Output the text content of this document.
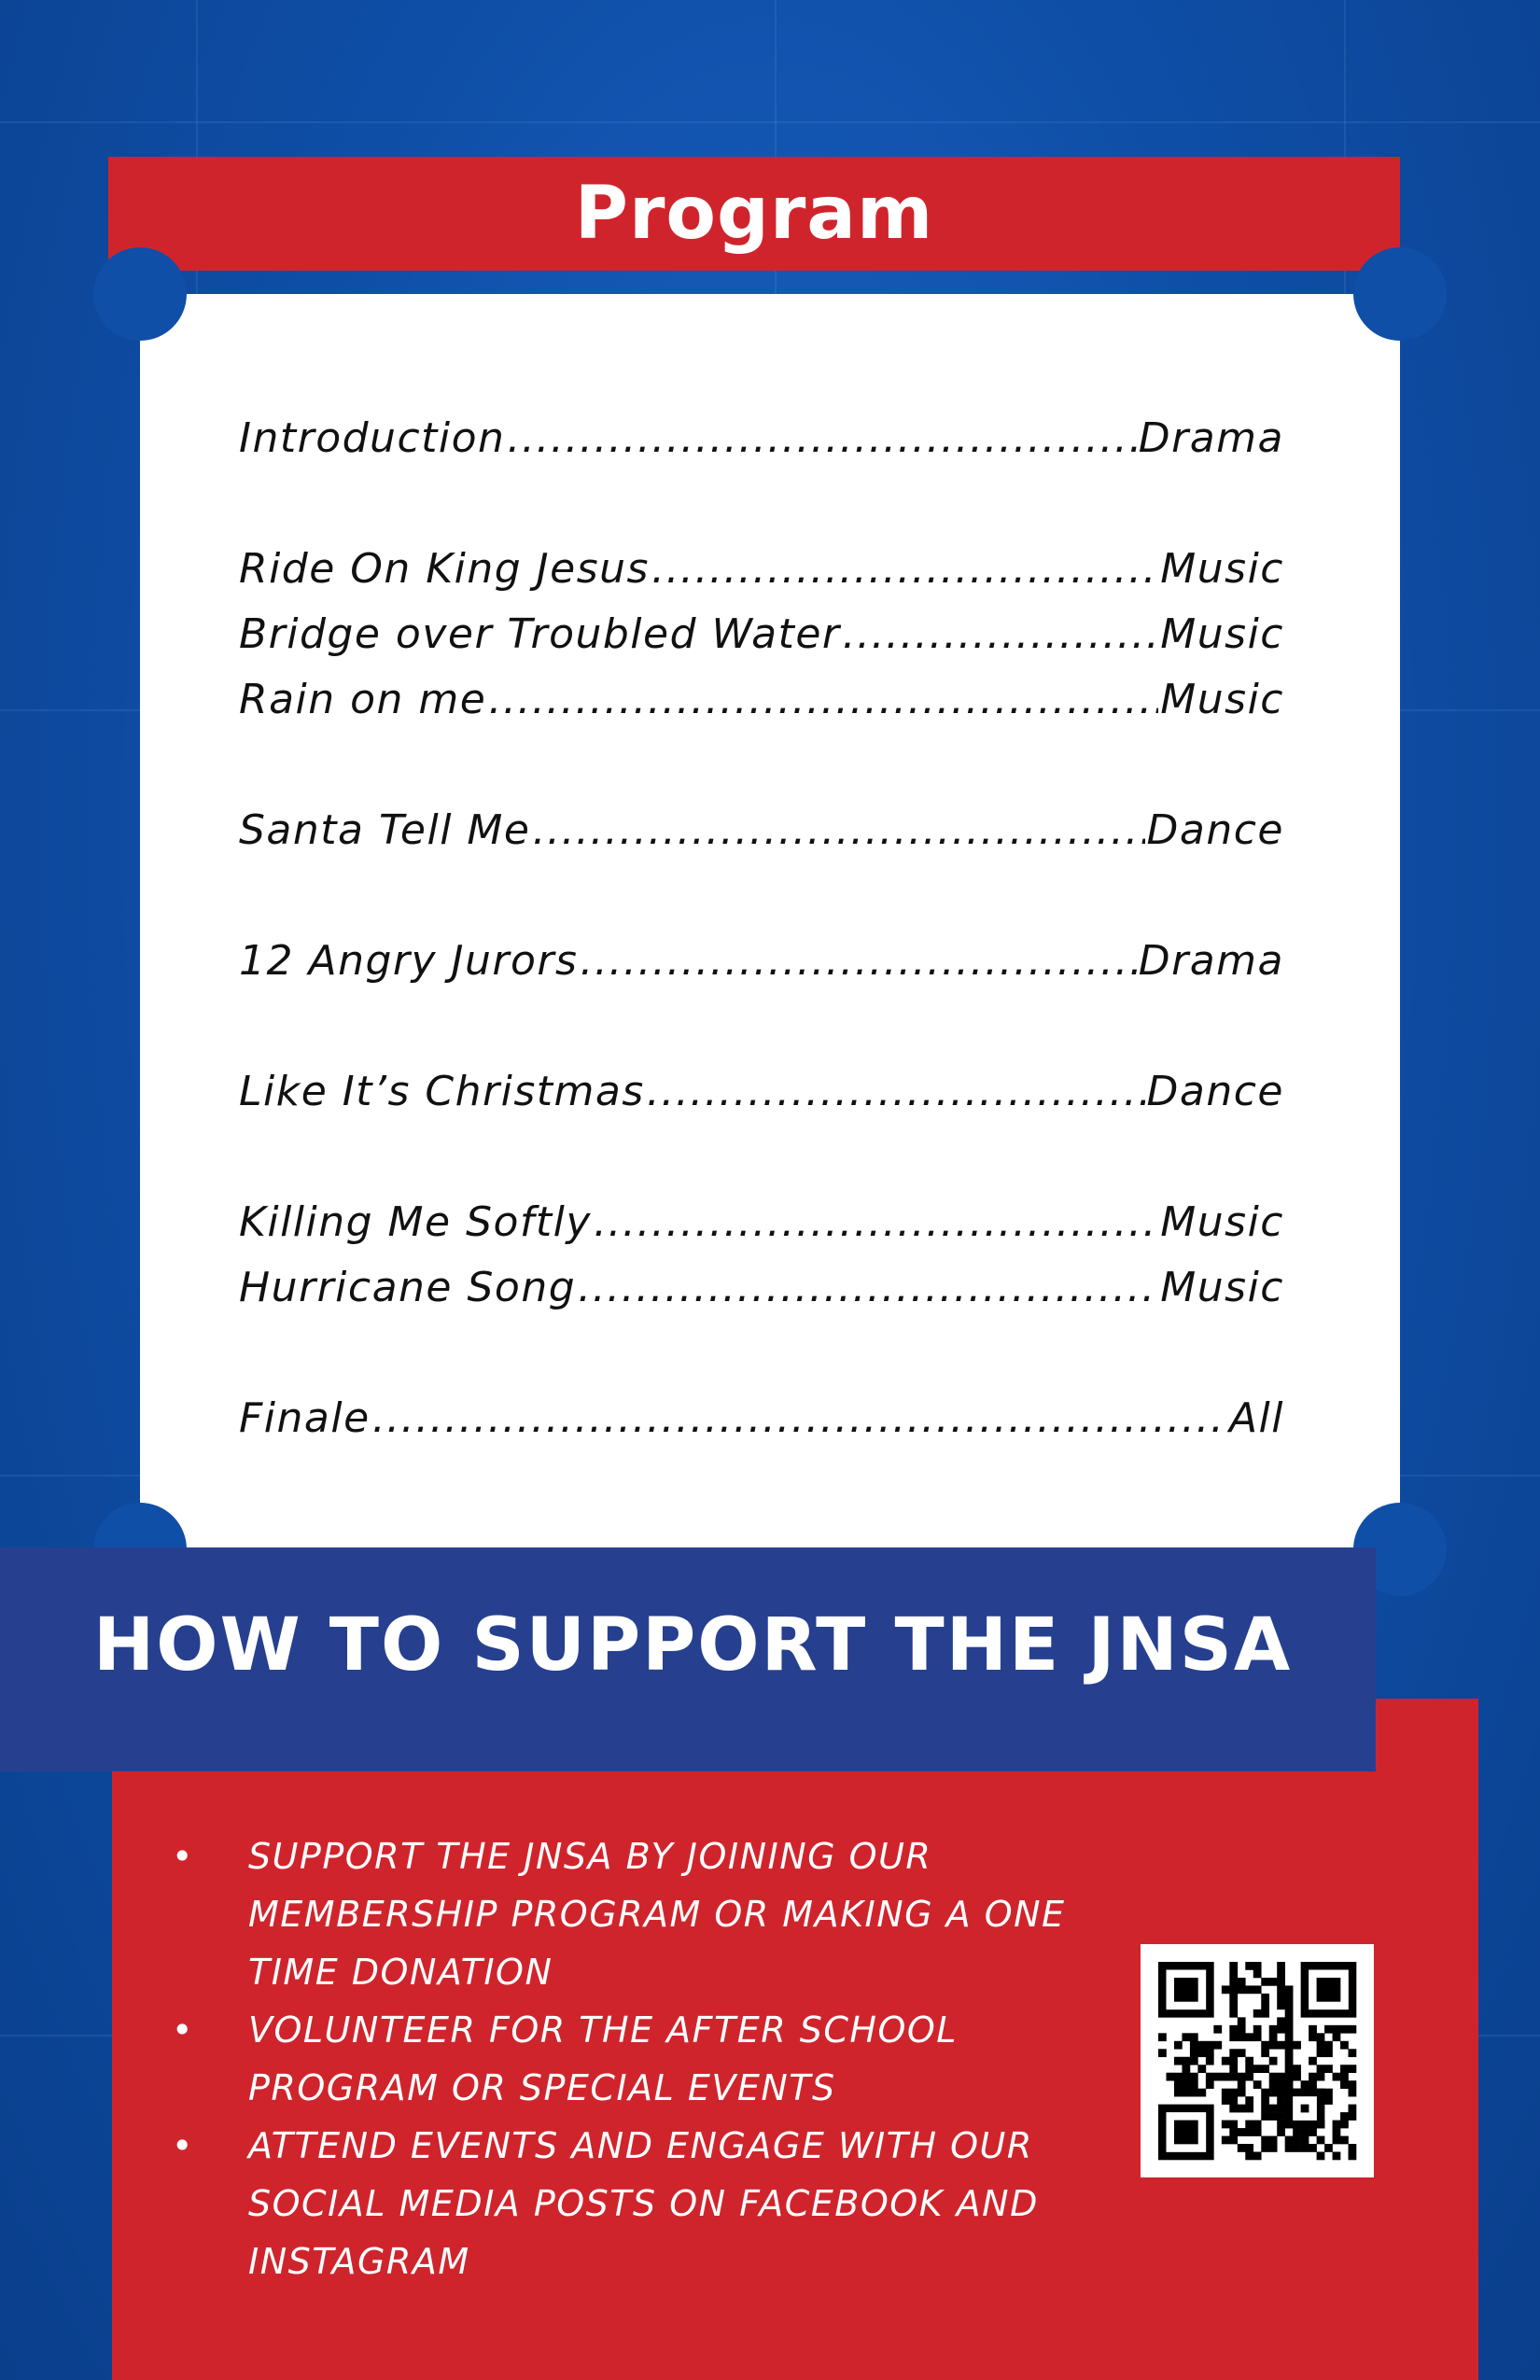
Program
Introduction .....	Drama
Ride On King Jesus .....	Music
Bridge over Troubled Water .....	Music
Rain on me .....	Music
Santa Tell Me .....	Dance
12 Angry Jurors .....	Drama
Like It’s Christmas .....	Dance
Killing Me Softly .....	Music
Hurricane Song .....	Music
Finale .....	All
• SUPPORT THE JNSA BY JOINING OUR
MEMBERSHIP PROGRAM OR MAKING A ONE
TIME DONATION
• VOLUNTEER FOR THE AFTER SCHOOL
PROGRAM OR SPECIAL EVENTS
• ATTEND EVENTS AND ENGAGE WITH OUR
SOCIAL MEDIA POSTS ON FACEBOOK AND
INSTAGRAM
HOW TO SUPPORT THE JNSA
